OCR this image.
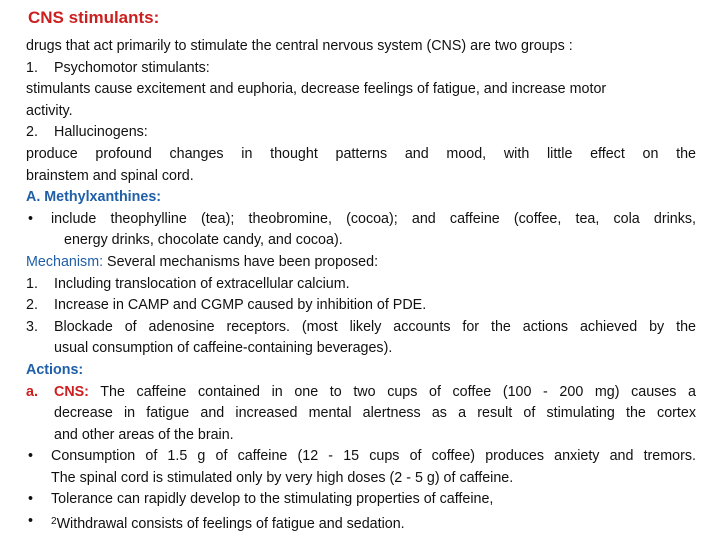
CNS stimulants:
drugs that act primarily to stimulate the central nervous system (CNS) are two groups :
1. Psychomotor stimulants:
stimulants cause excitement and euphoria, decrease feelings of fatigue, and increase motor
activity.
2. Hallucinogens:
produce profound changes in thought patterns and mood, with little effect on the
brainstem and spinal cord.
A. Methylxanthines:
• include theophylline (tea); theobromine, (cocoa); and caffeine (coffee, tea, cola drinks,
energy drinks, chocolate candy, and cocoa).
Mechanism: Several mechanisms have been proposed:
1. Including translocation of extracellular calcium.
2. Increase in CAMP and CGMP caused by inhibition of PDE.
3. Blockade of adenosine receptors. (most likely accounts for the actions achieved by the
usual consumption of caffeine-containing beverages).
Actions:
a. CNS: The caffeine contained in one to two cups of coffee (100 - 200 mg) causes a
decrease in fatigue and increased mental alertness as a result of stimulating the cortex
and other areas of the brain.
• Consumption of 1.5 g of caffeine (12 - 15 cups of coffee) produces anxiety and tremors.
The spinal cord is stimulated only by very high doses (2 - 5 g) of caffeine.
• Tolerance can rapidly develop to the stimulating properties of caffeine,
• $^2$Withdrawal consists of feelings of fatigue and sedation.
